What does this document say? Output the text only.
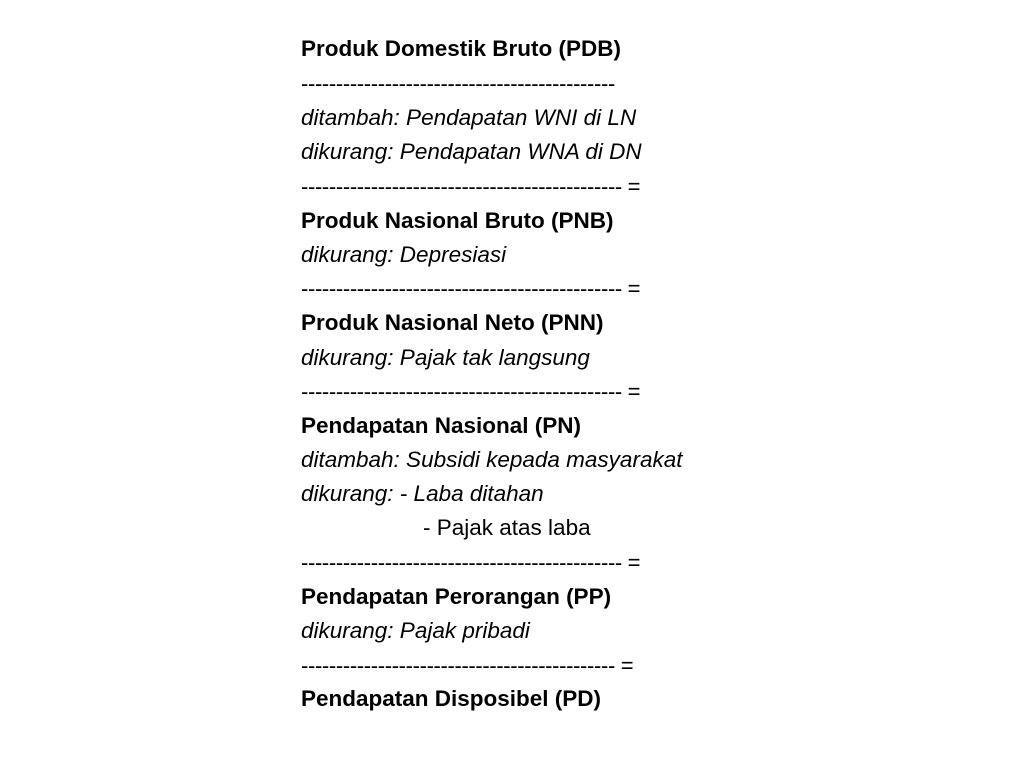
Produk Domestik Bruto (PDB)
---------------------------------------------
ditambah: Pendapatan WNI di LN
dikurang: Pendapatan WNA di DN
---------------------------------------------- =
Produk Nasional Bruto (PNB)
dikurang: Depresiasi
---------------------------------------------- =
Produk Nasional Neto (PNN)
dikurang: Pajak tak langsung
---------------------------------------------- =
Pendapatan Nasional (PN)
ditambah: Subsidi kepada masyarakat
dikurang: - Laba ditahan
- Pajak atas laba
---------------------------------------------- =
Pendapatan Perorangan (PP)
dikurang: Pajak pribadi
--------------------------------------------- =
Pendapatan Disposibel (PD)
